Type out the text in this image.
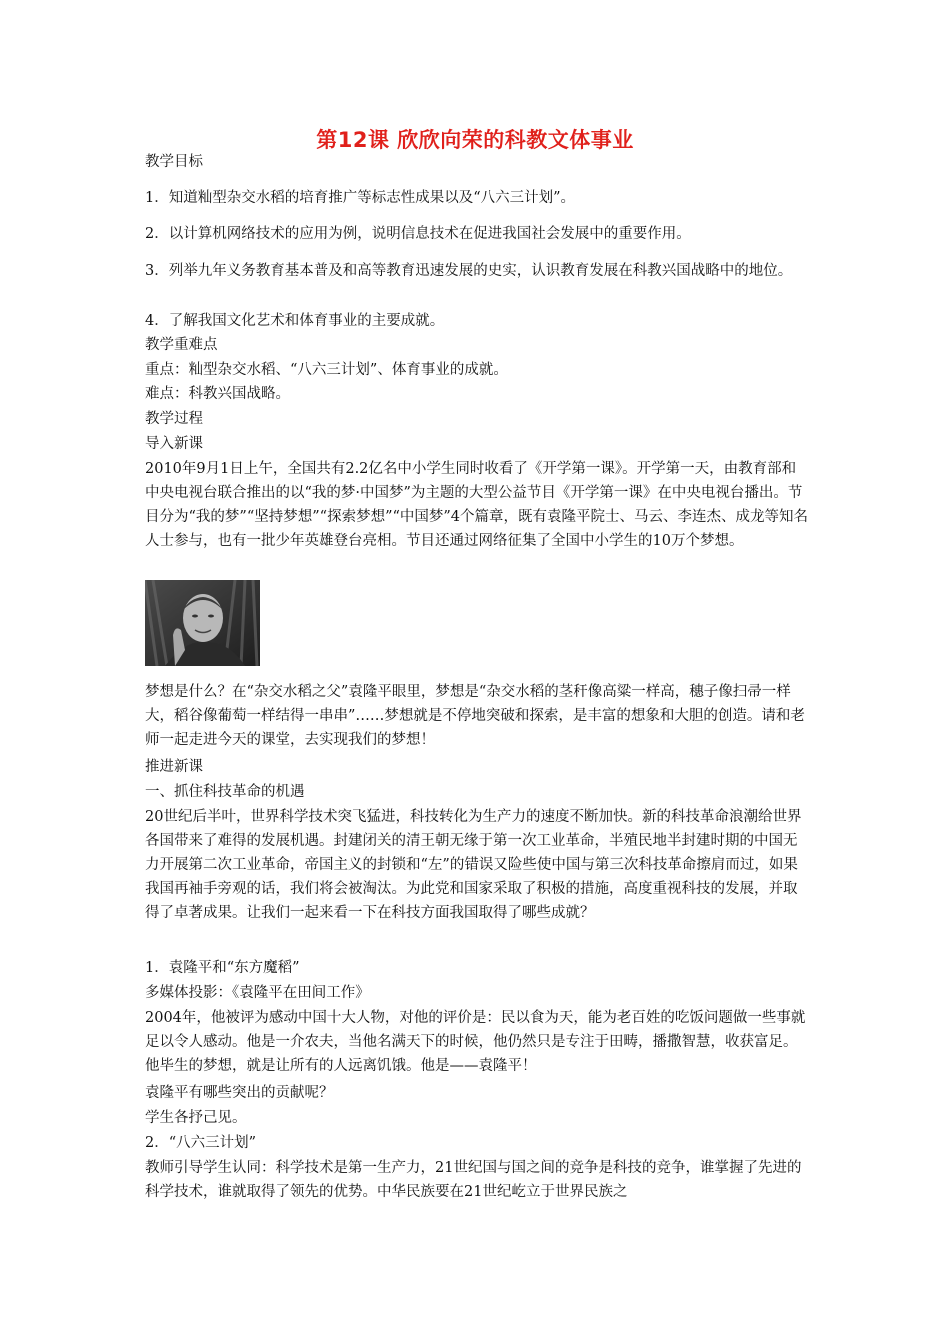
第12课 欣欣向荣的科教文体事业

教学目标

1．知道籼型杂交水稻的培育推广等标志性成果以及“八六三计划”。

2．以计算机网络技术的应用为例，说明信息技术在促进我国社会发展中的重要作用。

3．列举九年义务教育基本普及和高等教育迅速发展的史实，认识教育发展在科教兴国战略中的地位。

4．了解我国文化艺术和体育事业的主要成就。

教学重难点

重点：籼型杂交水稻、“八六三计划”、体育事业的成就。

难点：科教兴国战略。

教学过程

导入新课

2010年9月1日上午，全国共有2.2亿名中小学生同时收看了《开学第一课》。开学第一天，由教育部和中央电视台联合推出的以“我的梦·中国梦”为主题的大型公益节目《开学第一课》在中央电视台播出。节目分为“我的梦”“坚持梦想”“探索梦想”“中国梦”4个篇章，既有袁隆平院士、马云、李连杰、成龙等知名人士参与，也有一批少年英雄登台亮相。节目还通过网络征集了全国中小学生的10万个梦想。

梦想是什么？在“杂交水稻之父”袁隆平眼里，梦想是“杂交水稻的茎秆像高粱一样高，穗子像扫帚一样大，稻谷像葡萄一样结得一串串”……梦想就是不停地突破和探索，是丰富的想象和大胆的创造。请和老师一起走进今天的课堂，去实现我们的梦想！

推进新课

一、抓住科技革命的机遇

20世纪后半叶，世界科学技术突飞猛进，科技转化为生产力的速度不断加快。新的科技革命浪潮给世界各国带来了难得的发展机遇。封建闭关的清王朝无缘于第一次工业革命，半殖民地半封建时期的中国无力开展第二次工业革命，帝国主义的封锁和“左”的错误又险些使中国与第三次科技革命擦肩而过，如果我国再袖手旁观的话，我们将会被淘汰。为此党和国家采取了积极的措施，高度重视科技的发展，并取得了卓著成果。让我们一起来看一下在科技方面我国取得了哪些成就？

1．袁隆平和“东方魔稻”

多媒体投影：《袁隆平在田间工作》

2004年，他被评为感动中国十大人物，对他的评价是：民以食为天，能为老百姓的吃饭问题做一些事就足以令人感动。他是一介农夫，当他名满天下的时候，他仍然只是专注于田畴，播撒智慧，收获富足。他毕生的梦想，就是让所有的人远离饥饿。他是——袁隆平！

袁隆平有哪些突出的贡献呢？

学生各抒己见。

2．“八六三计划”

教师引导学生认同：科学技术是第一生产力，21世纪国与国之间的竞争是科技的竞争，谁掌握了先进的科学技术，谁就取得了领先的优势。中华民族要在21世纪屹立于世界民族之
